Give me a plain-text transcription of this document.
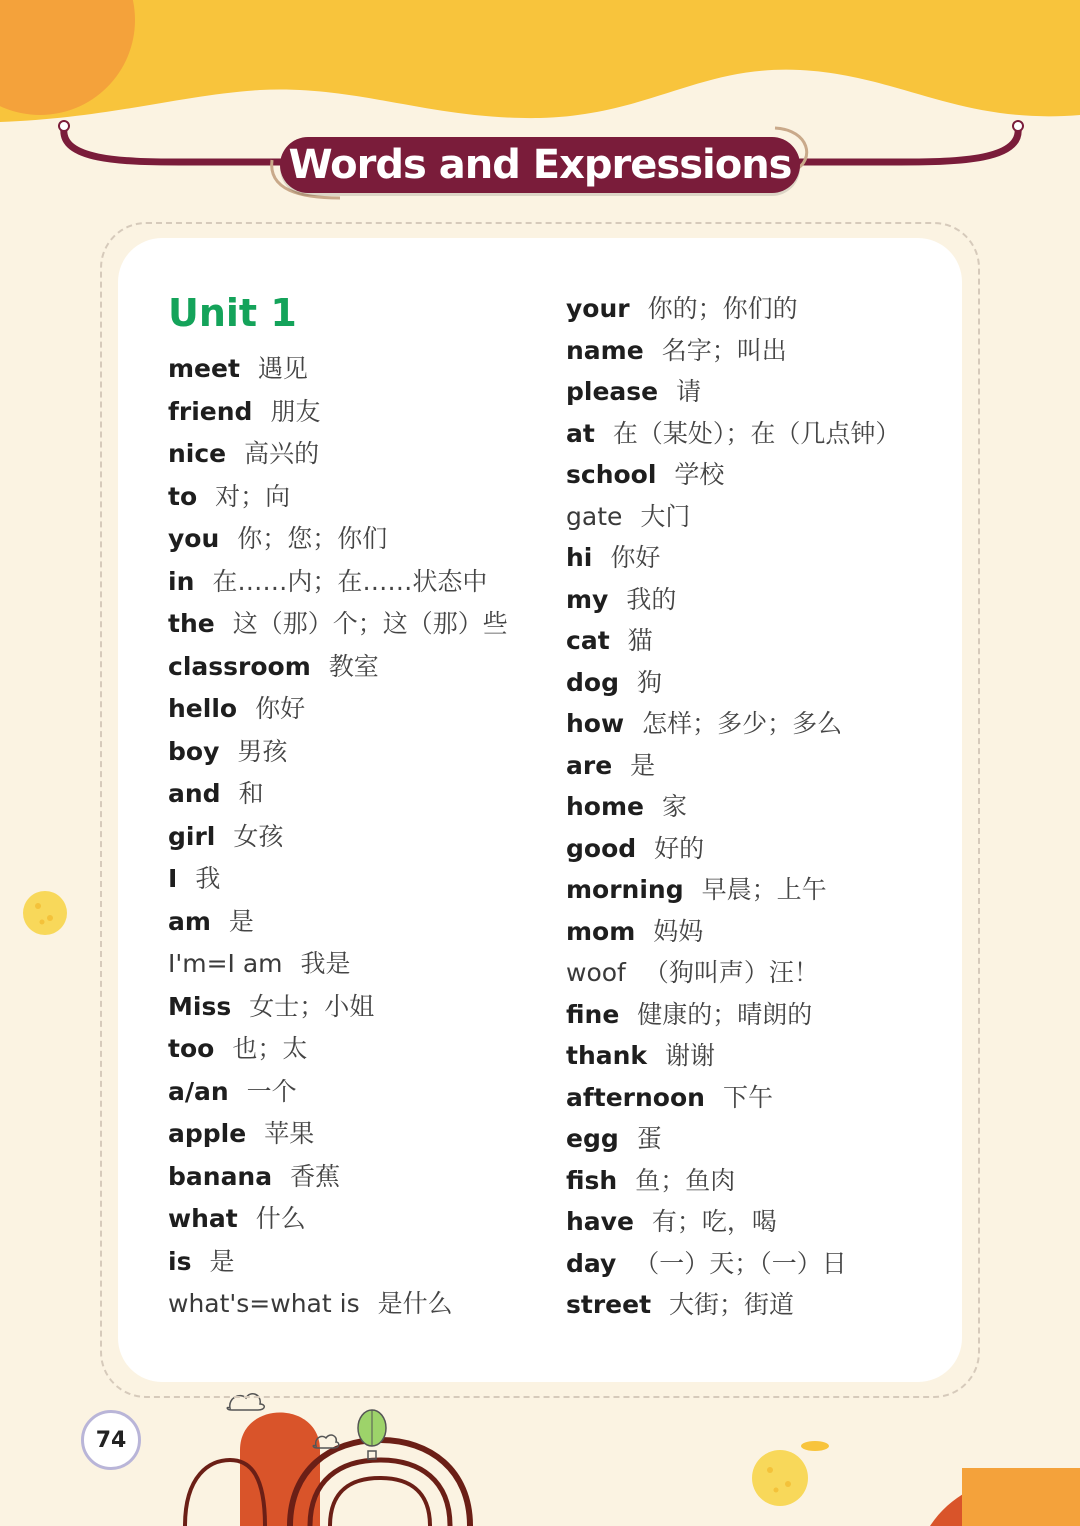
Words and Expressions
Unit 1
meet 遇见
friend 朋友
nice 高兴的
to 对；向
you 你；您；你们
in 在……内；在……状态中
the 这（那）个；这（那）些
classroom 教室
hello 你好
boy 男孩
and 和
girl 女孩
I 我
am 是
I'm=I am 我是
Miss 女士；小姐
too 也；太
a/an 一个
apple 苹果
banana 香蕉
what 什么
is 是
what's=what is 是什么
your 你的；你们的
name 名字；叫出
please 请
at 在（某处）；在（几点钟）
school 学校
gate 大门
hi 你好
my 我的
cat 猫
dog 狗
how 怎样；多少；多么
are 是
home 家
good 好的
morning 早晨；上午
mom 妈妈
woof （狗叫声）汪！
fine 健康的；晴朗的
thank 谢谢
afternoon 下午
egg 蛋
fish 鱼；鱼肉
have 有；吃，喝
day （一）天；（一）日
street 大街；街道
74
